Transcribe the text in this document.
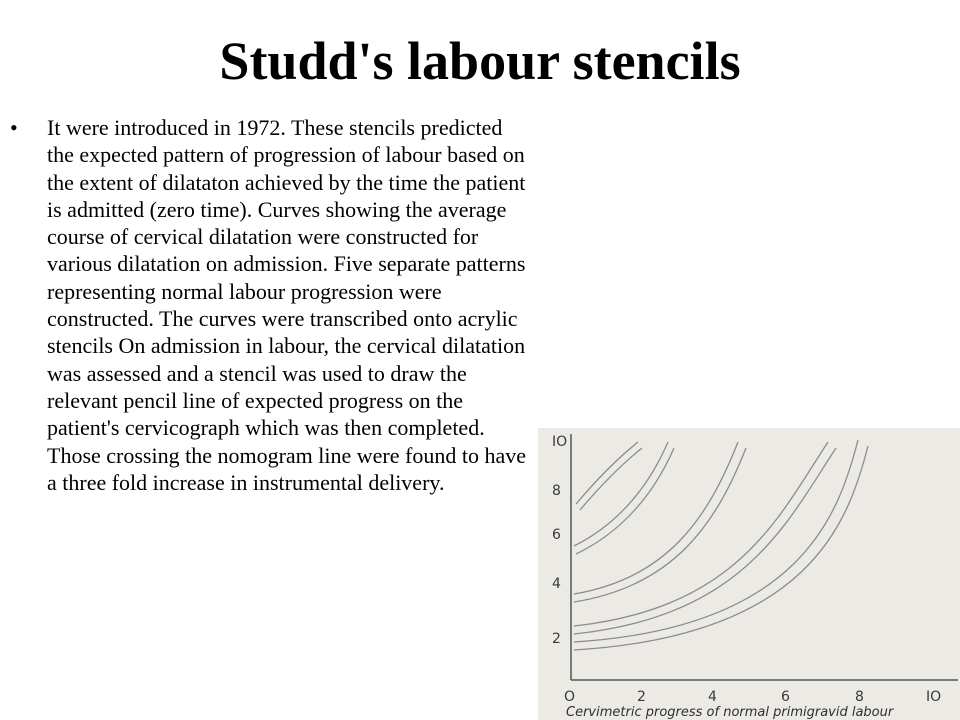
Studd's labour stencils
•	It were introduced in 1972. These stencils predicted the expected pattern of progression of labour based on the extent of dilataton achieved by the time the patient is admitted (zero time). Curves showing the average course of cervical dilatation were constructed for various dilatation on admission. Five separate patterns representing normal labour progression were constructed. The curves were transcribed onto acrylic stencils On admission in labour, the cervical dilatation was assessed and a stencil was used to draw the relevant pencil line of expected progress on the patient's cervicograph which was then completed. Those crossing the nomogram line were found to have a three fold increase in instrumental delivery.

2
4
6
8
IO
O	2	4	6	8	IO
Cervimetric progress of normal primigravid labour
